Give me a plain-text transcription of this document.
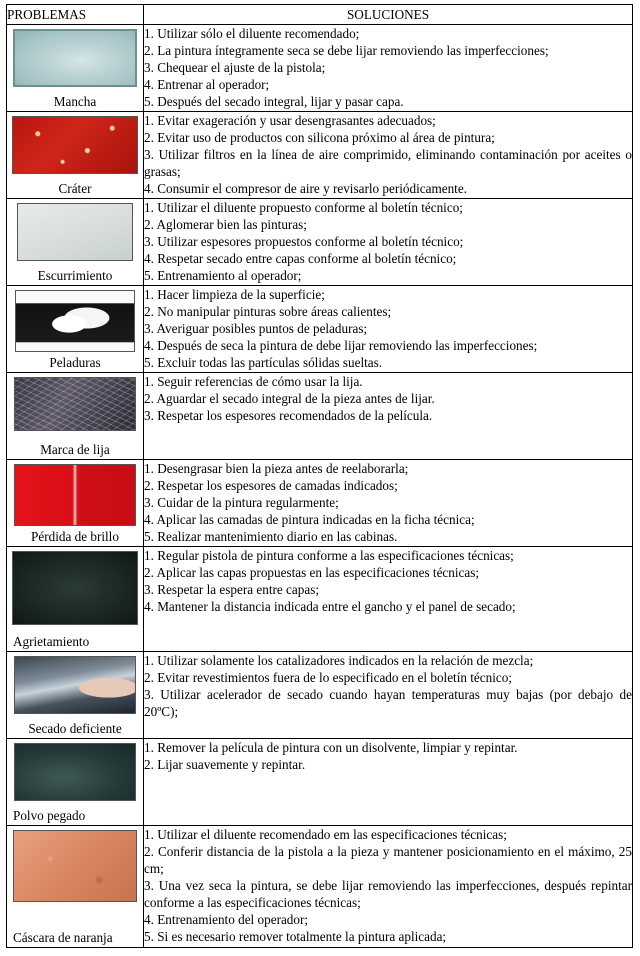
PROBLEMAS	SOLUCIONES

Mancha	1. Utilizar sólo el diluente recomendado;
2. La pintura íntegramente seca se debe lijar removiendo las imperfecciones;
3. Chequear el ajuste de la pistola;
4. Entrenar al operador;
5. Después del secado integral, lijar y pasar capa.

Cráter	1. Evitar exageración y usar desengrasantes adecuados;
2. Evitar uso de productos con silicona próximo al área de pintura;
3. Utilizar filtros en la línea de aire comprimido, eliminando contaminación por aceites o grasas;
4. Consumir el compresor de aire y revisarlo periódicamente.

Escurrimiento	1. Utilizar el diluente propuesto conforme al boletín técnico;
2. Aglomerar bien las pinturas;
3. Utilizar espesores propuestos conforme al boletín técnico;
4. Respetar secado entre capas conforme al boletín técnico;
5. Entrenamiento al operador;

Peladuras	1. Hacer limpieza de la superficie;
2. No manipular pinturas sobre áreas calientes;
3. Averiguar posibles puntos de peladuras;
4. Después de seca la pintura de debe lijar removiendo las imperfecciones;
5. Excluir todas las partículas sólidas sueltas.

Marca de lija	1. Seguir referencias de cómo usar la lija.
2. Aguardar el secado integral de la pieza antes de lijar.
3. Respetar los espesores recomendados de la película.

Pérdida de brillo	1. Desengrasar bien la pieza antes de reelaborarla;
2. Respetar los espesores de camadas indicados;
3. Cuidar de la pintura regularmente;
4. Aplicar las camadas de pintura indicadas en la ficha técnica;
5. Realizar mantenimiento diario en las cabinas.

Agrietamiento	1. Regular pistola de pintura conforme a las especificaciones técnicas;
2. Aplicar las capas propuestas en las especificaciones técnicas;
3. Respetar la espera entre capas;
4. Mantener la distancia indicada entre el gancho y el panel de secado;

Secado deficiente	1. Utilizar solamente los catalizadores indicados en la relación de mezcla;
2. Evitar revestimientos fuera de lo especificado en el boletín técnico;
3. Utilizar acelerador de secado cuando hayan temperaturas muy bajas (por debajo de 20ºC);

Polvo pegado	1. Remover la película de pintura con un disolvente, limpiar y repintar.
2. Lijar suavemente y repintar.

Cáscara de naranja	1. Utilizar el diluente recomendado em las especificaciones técnicas;
2. Conferir distancia de la pistola a la pieza y mantener posicionamiento en el máximo, 25 cm;
3. Una vez seca la pintura, se debe lijar removiendo las imperfecciones, después repintar conforme a las especificaciones técnicas;
4. Entrenamiento del operador;
5. Si es necesario remover totalmente la pintura aplicada;
